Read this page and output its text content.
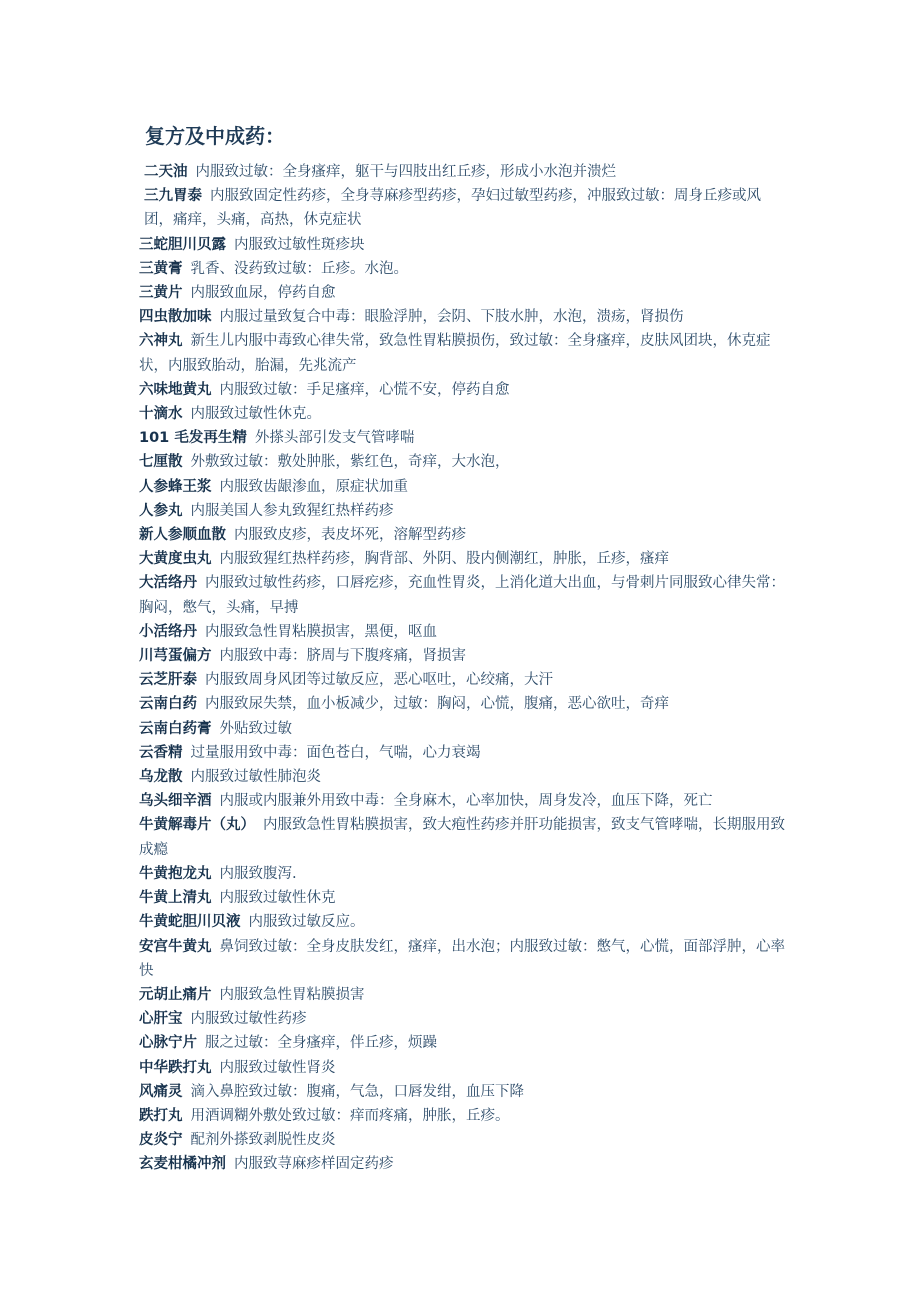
复方及中成药：
二天油 内服致过敏：全身瘙痒，躯干与四肢出红丘疹，形成小水泡并溃烂
三九胃泰 内服致固定性药疹，全身荨麻疹型药疹，孕妇过敏型药疹，冲服致过敏：周身丘疹或风团，痛痒，头痛，高热，休克症状
三蛇胆川贝露 内服致过敏性斑疹块
三黄膏 乳香、没药致过敏：丘疹。水泡。
三黄片 内服致血尿，停药自愈
四虫散加味 内服过量致复合中毒：眼脸浮肿，会阴、下肢水肿，水泡，溃疡，肾损伤
六神丸 新生儿内服中毒致心律失常，致急性胃粘膜损伤，致过敏：全身瘙痒，皮肤风团块，休克症状，内服致胎动，胎漏，先兆流产
六味地黄丸 内服致过敏：手足瘙痒，心慌不安，停药自愈
十滴水 内服致过敏性休克。
101 毛发再生精 外搽头部引发支气管哮喘
七厘散 外敷致过敏：敷处肿胀，紫红色，奇痒，大水泡，
人参蜂王浆 内服致齿龈渗血，原症状加重
人参丸 内服美国人参丸致猩红热样药疹
新人参顺血散 内服致皮疹，表皮坏死，溶解型药疹
大黄度虫丸 内服致猩红热样药疹，胸背部、外阴、股内侧潮红，肿胀，丘疹，瘙痒
大活络丹 内服致过敏性药疹，口唇疙疹，充血性胃炎，上消化道大出血，与骨刺片同服致心律失常：胸闷，憋气，头痛，早搏
小活络丹 内服致急性胃粘膜损害，黑便，呕血
川芎蛋偏方 内服致中毒：脐周与下腹疼痛，肾损害
云芝肝泰 内服致周身风团等过敏反应，恶心呕吐，心绞痛，大汗
云南白药 内服致尿失禁，血小板减少，过敏：胸闷，心慌，腹痛，恶心欲吐，奇痒
云南白药膏 外贴致过敏
云香精 过量服用致中毒：面色苍白，气喘，心力衰竭
乌龙散 内服致过敏性肺泡炎
乌头细辛酒 内服或内服兼外用致中毒：全身麻木，心率加快，周身发冷，血压下降，死亡
牛黄解毒片（丸） 内服致急性胃粘膜损害，致大疱性药疹并肝功能损害，致支气管哮喘，长期服用致成瘾
牛黄抱龙丸 内服致腹泻.
牛黄上清丸 内服致过敏性休克
牛黄蛇胆川贝液 内服致过敏反应。
安宫牛黄丸 鼻饲致过敏：全身皮肤发红，瘙痒，出水泡；内服致过敏：憋气，心慌，面部浮肿，心率快
元胡止痛片 内服致急性胃粘膜损害
心肝宝 内服致过敏性药疹
心脉宁片 服之过敏：全身瘙痒，伴丘疹，烦躁
中华跌打丸 内服致过敏性肾炎
风痛灵 滴入鼻腔致过敏：腹痛，气急，口唇发绀，血压下降
跌打丸 用酒调糊外敷处致过敏：痒而疼痛，肿胀，丘疹。
皮炎宁 配剂外搽致剥脱性皮炎
玄麦柑橘冲剂 内服致荨麻疹样固定药疹
